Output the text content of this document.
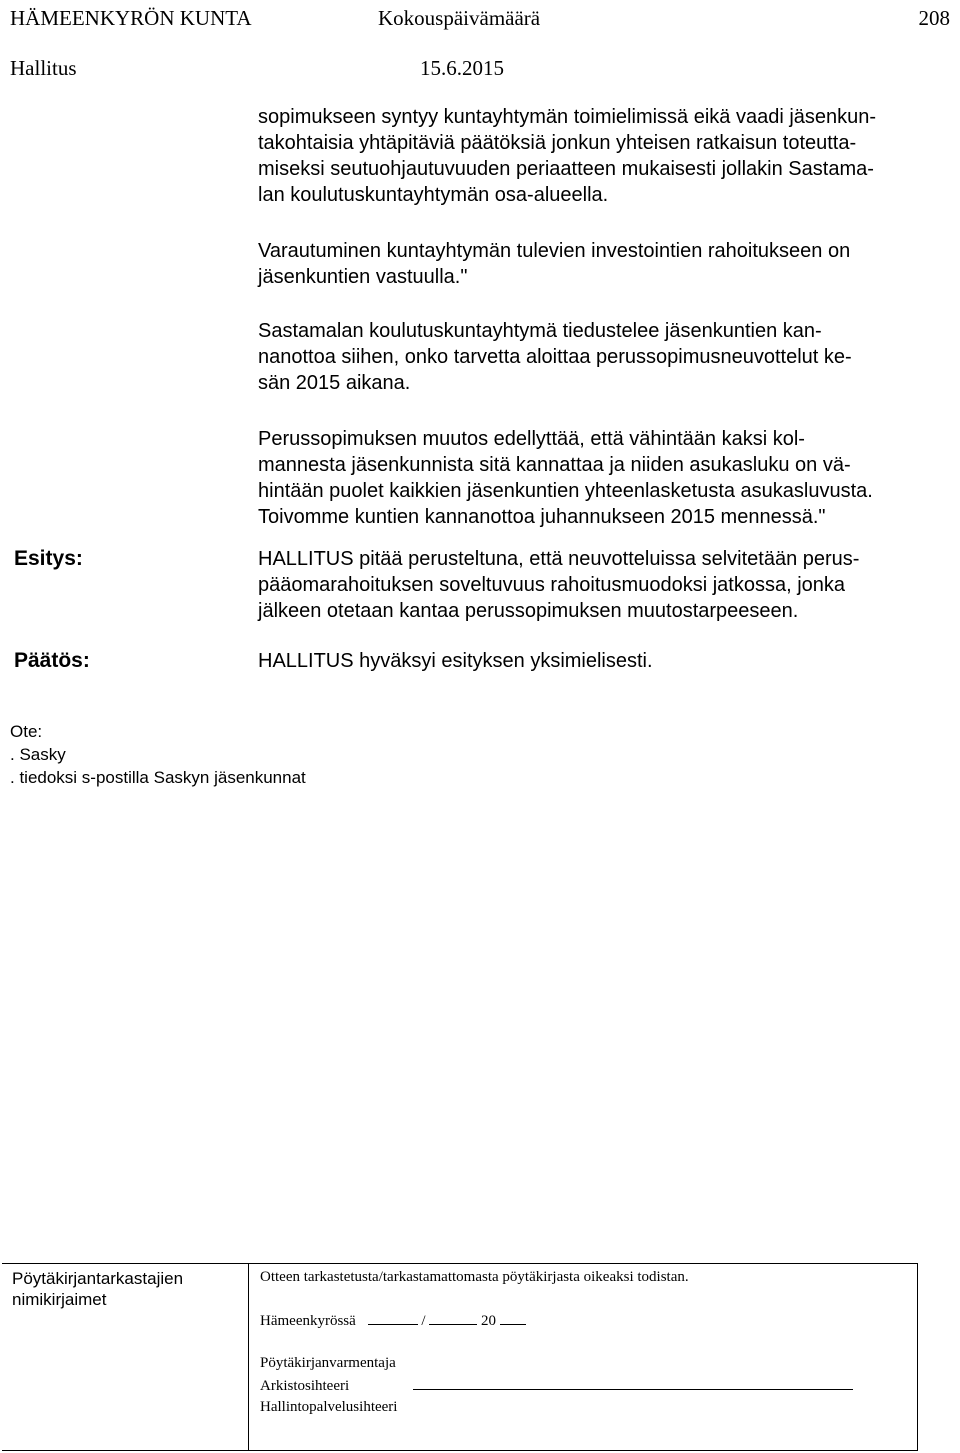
HÄMEENKYRÖN KUNTA	Kokouspäivämäärä	208
Hallitus	15.6.2015

sopimukseen syntyy kuntayhtymän toimielimissä eikä vaadi jäsenkun-
takohtaisia yhtäpitäviä päätöksiä jonkun yhteisen ratkaisun toteutta-
miseksi seutuohjautuvuuden periaatteen mukaisesti jollakin Sastama-
lan koulutuskuntayhtymän osa-alueella.

Varautuminen kuntayhtymän tulevien investointien rahoitukseen on
jäsenkuntien vastuulla."

Sastamalan koulutuskuntayhtymä tiedustelee jäsenkuntien kan-
nanottoa siihen, onko tarvetta aloittaa perussopimusneuvottelut ke-
sän 2015 aikana.

Perussopimuksen muutos edellyttää, että vähintään kaksi kol-
mannesta jäsenkunnista sitä kannattaa ja niiden asukasluku on vä-
hintään puolet kaikkien jäsenkuntien yhteenlasketusta asukasluvusta.
Toivomme kuntien kannanottoa juhannukseen 2015 mennessä."

Esitys:	HALLITUS pitää perusteltuna, että neuvotteluissa selvitetään perus-
pääomarahoituksen soveltuvuus rahoitusmuodoksi jatkossa, jonka
jälkeen otetaan kantaa perussopimuksen muutostarpeeseen.
Päätös:	HALLITUS hyväksyi esityksen yksimielisesti.
Ote:
. Sasky
. tiedoksi s-postilla Saskyn jäsenkunnat
Pöytäkirjantarkastajien nimikirjaimet
Otteen tarkastetusta/tarkastamattomasta pöytäkirjasta oikeaksi todistan.
Hämeenkyrössä	/	20
Pöytäkirjanvarmentaja
Arkistosihteeri
Hallintopalvelusihteeri
